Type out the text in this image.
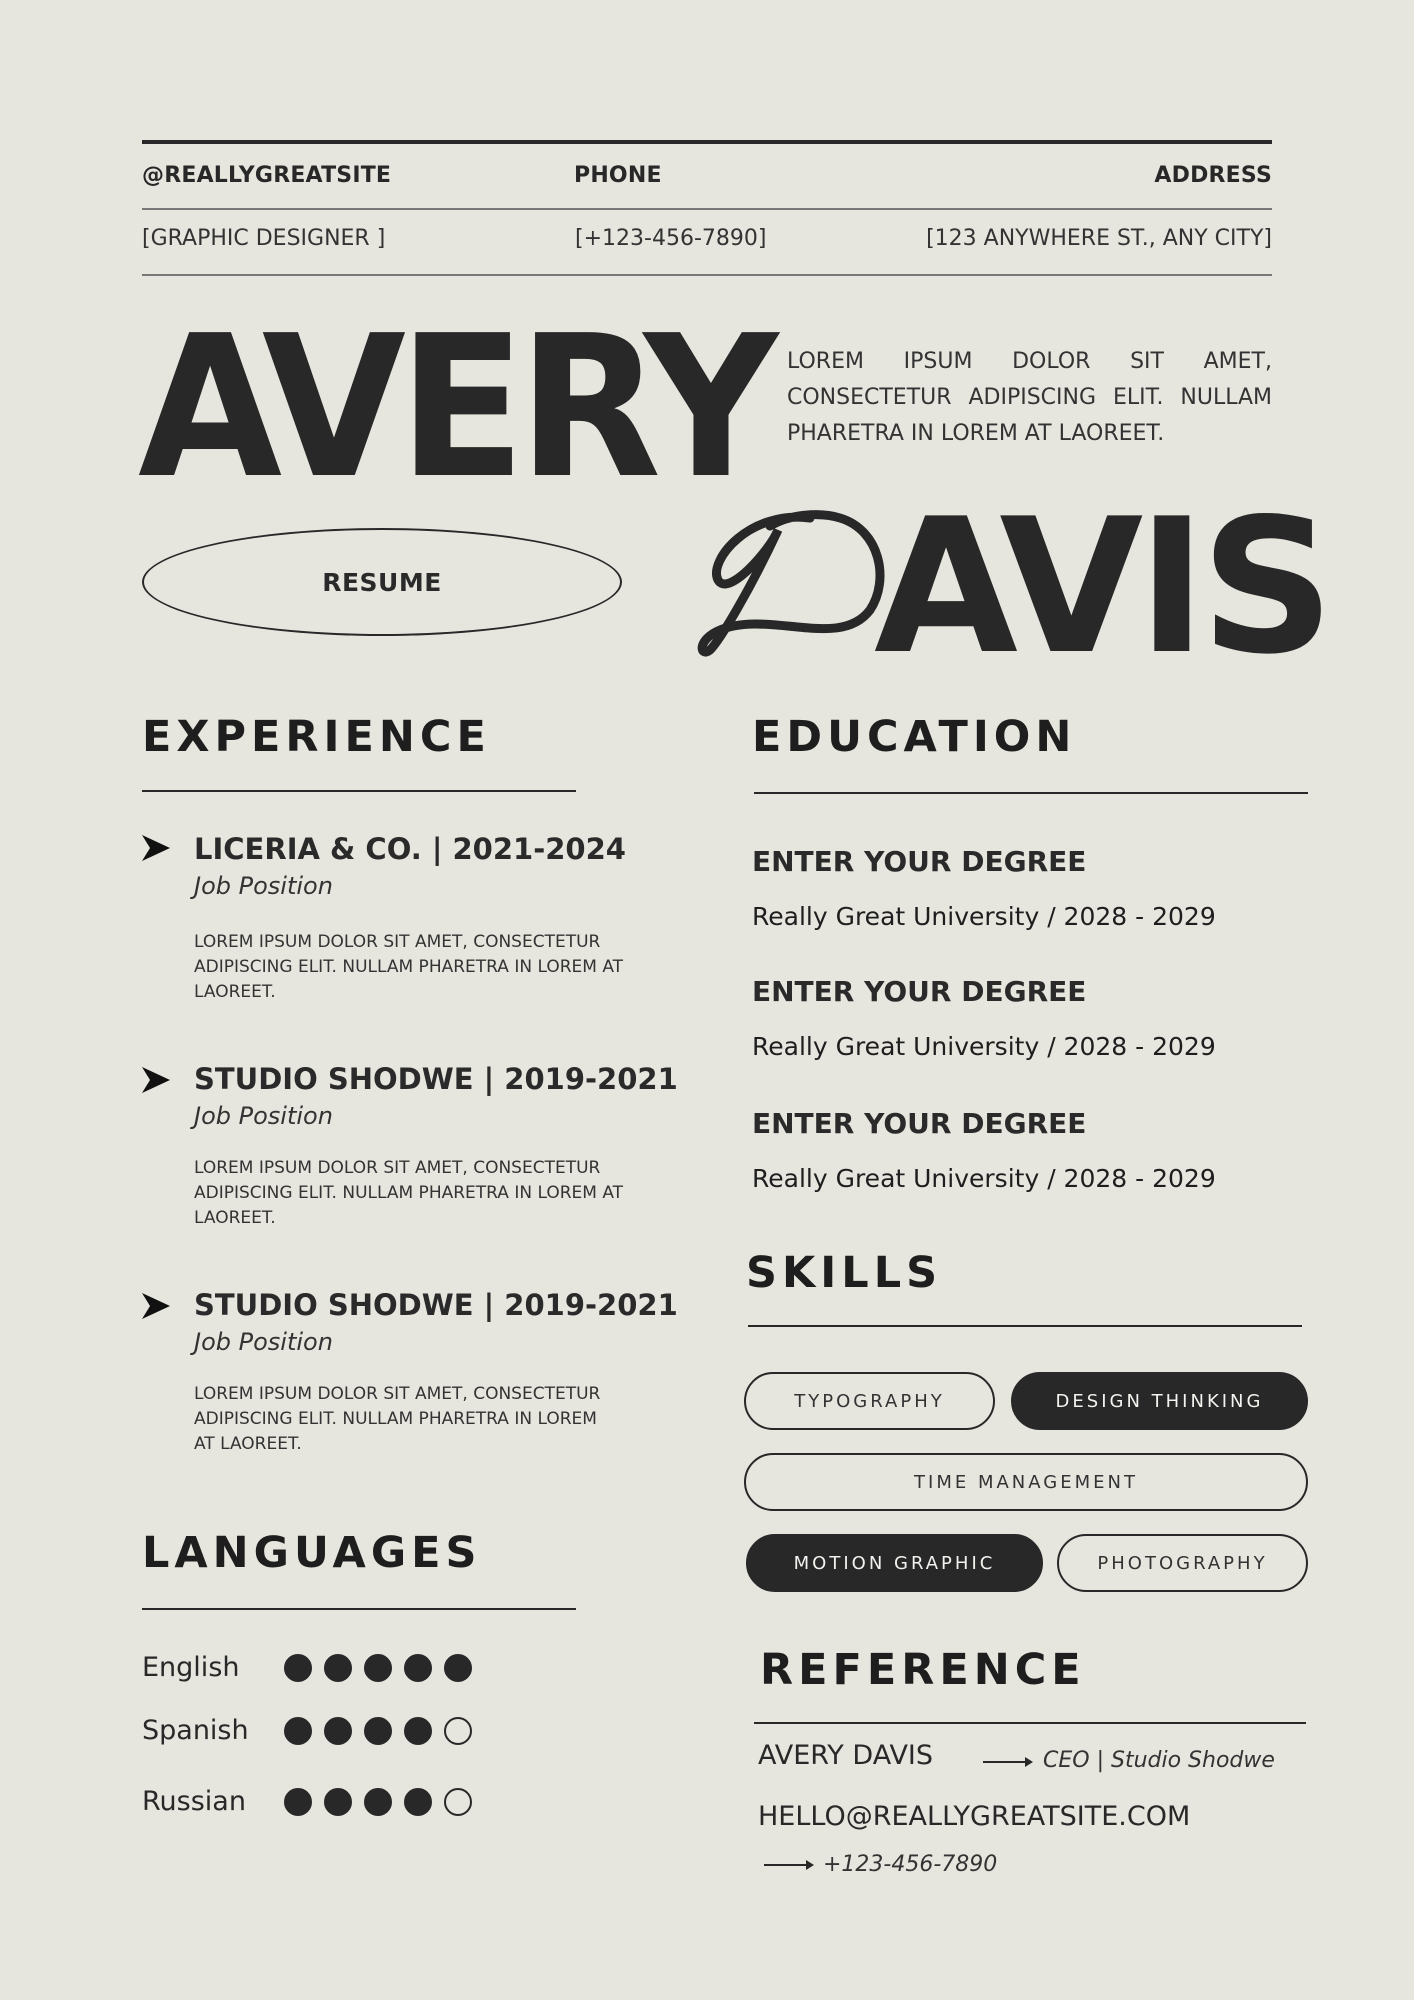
@REALLYGREATSITE	PHONE	ADDRESS
[GRAPHIC DESIGNER ]	[+123-456-7890]	[123 ANYWHERE ST., ANY CITY]
AVERY LOREM IPSUM DOLOR SIT AMET, CONSECTETUR ADIPISCING ELIT. NULLAM PHARETRA IN LOREM AT LAOREET.
RESUME AVIS
EXPERIENCE
LICERIA & CO. | 2021-2024
Job Position
LOREM IPSUM DOLOR SIT AMET, CONSECTETUR
ADIPISCING ELIT. NULLAM PHARETRA IN LOREM AT
LAOREET.
STUDIO SHODWE | 2019-2021
Job Position
LOREM IPSUM DOLOR SIT AMET, CONSECTETUR
ADIPISCING ELIT. NULLAM PHARETRA IN LOREM AT
LAOREET.
STUDIO SHODWE | 2019-2021
Job Position
LOREM IPSUM DOLOR SIT AMET, CONSECTETUR
ADIPISCING ELIT. NULLAM PHARETRA IN LOREM
AT LAOREET.
LANGUAGES
English
Spanish
Russian
EDUCATION
ENTER YOUR DEGREE
Really Great University / 2028 - 2029
ENTER YOUR DEGREE
Really Great University / 2028 - 2029
ENTER YOUR DEGREE
Really Great University / 2028 - 2029
SKILLS
TYPOGRAPHY	DESIGN THINKING
TIME MANAGEMENT
MOTION GRAPHIC	PHOTOGRAPHY
REFERENCE
AVERY DAVIS	CEO | Studio Shodwe
HELLO@REALLYGREATSITE.COM
+123-456-7890
